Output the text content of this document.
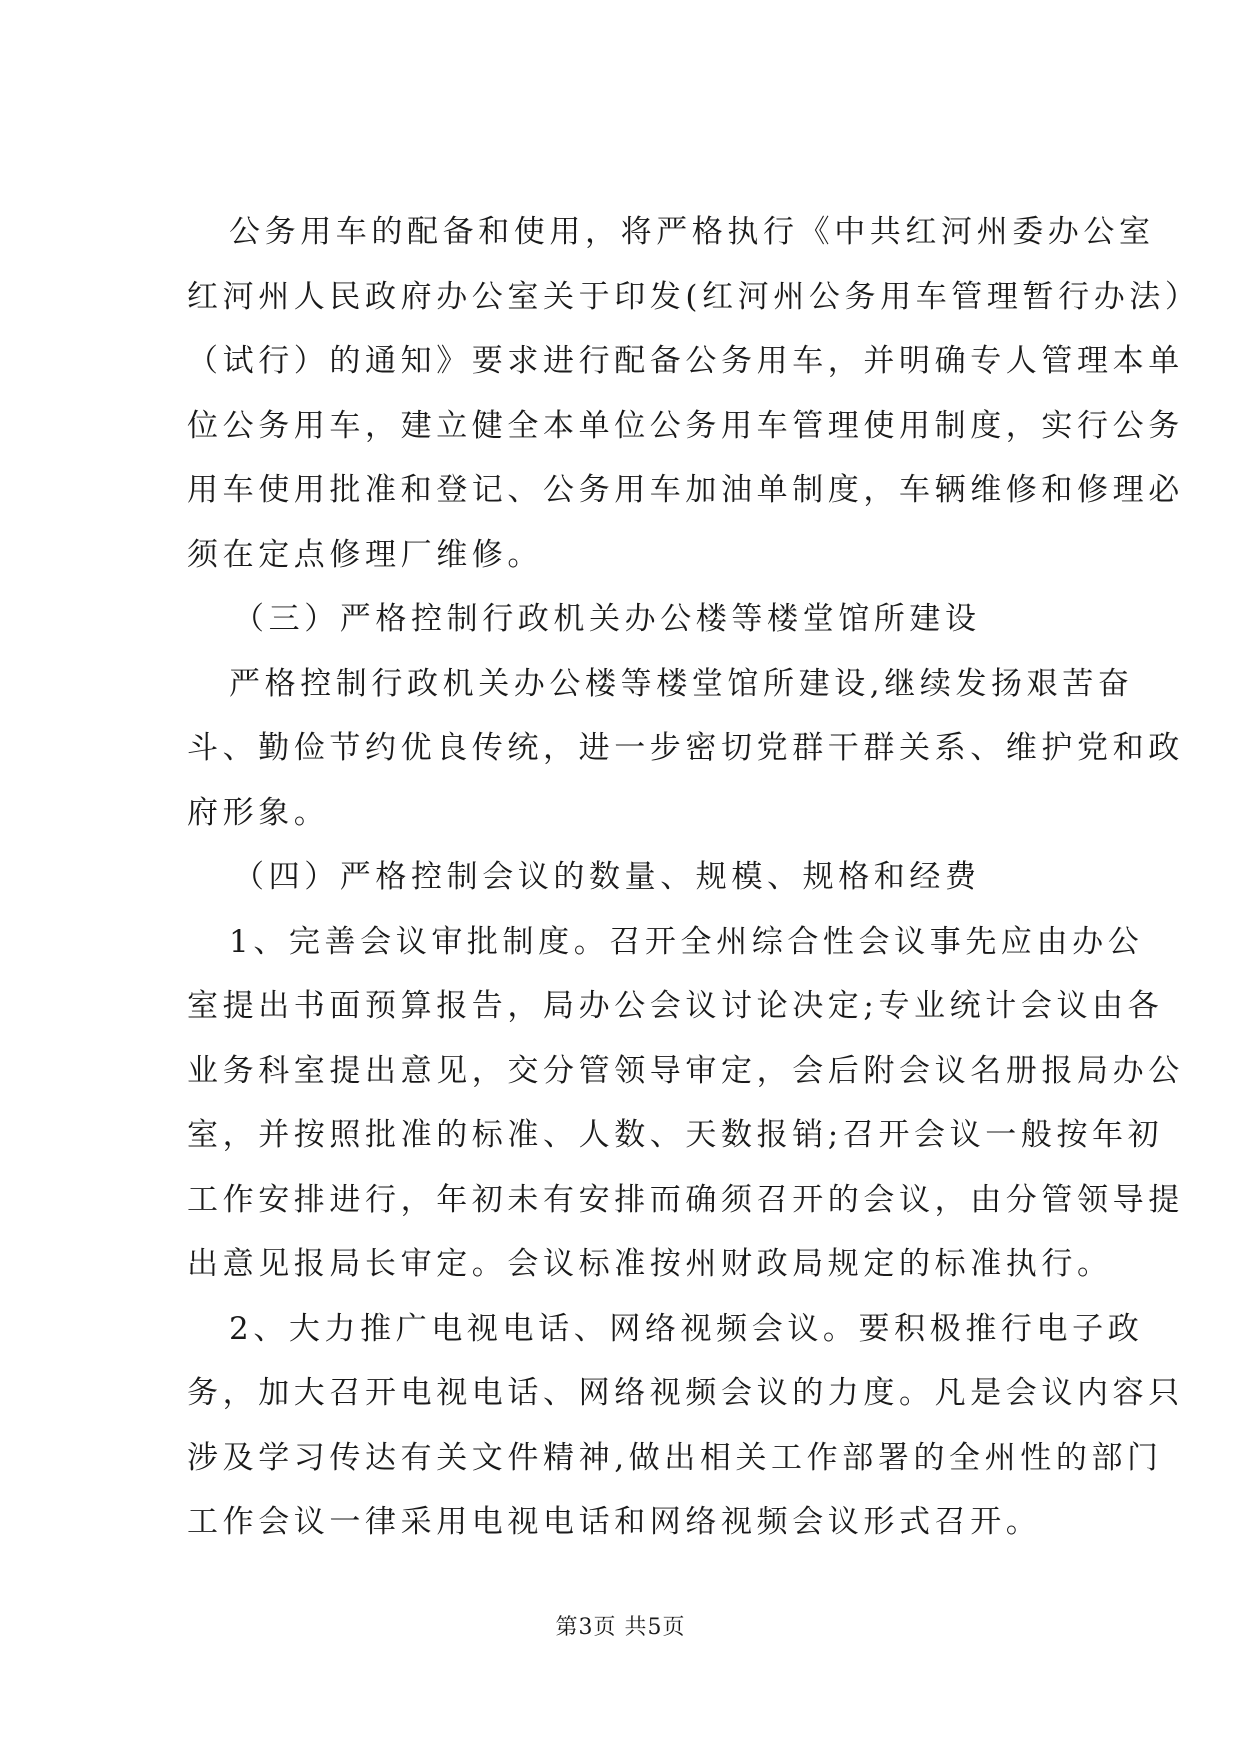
公务用车的配备和使用，将严格执行《中共红河州委办公室
红河州人民政府办公室关于印发(红河州公务用车管理暂行办法）
（试行）的通知》要求进行配备公务用车，并明确专人管理本单
位公务用车，建立健全本单位公务用车管理使用制度，实行公务
用车使用批准和登记、公务用车加油单制度，车辆维修和修理必
须在定点修理厂维修。
（三）严格控制行政机关办公楼等楼堂馆所建设
严格控制行政机关办公楼等楼堂馆所建设,继续发扬艰苦奋
斗、勤俭节约优良传统，进一步密切党群干群关系、维护党和政
府形象。
（四）严格控制会议的数量、规模、规格和经费
1、完善会议审批制度。召开全州综合性会议事先应由办公
室提出书面预算报告，局办公会议讨论决定;专业统计会议由各
业务科室提出意见，交分管领导审定，会后附会议名册报局办公
室，并按照批准的标准、人数、天数报销;召开会议一般按年初
工作安排进行，年初未有安排而确须召开的会议，由分管领导提
出意见报局长审定。会议标准按州财政局规定的标准执行。
2、大力推广电视电话、网络视频会议。要积极推行电子政
务，加大召开电视电话、网络视频会议的力度。凡是会议内容只
涉及学习传达有关文件精神,做出相关工作部署的全州性的部门
工作会议一律采用电视电话和网络视频会议形式召开。
第3页 共5页
